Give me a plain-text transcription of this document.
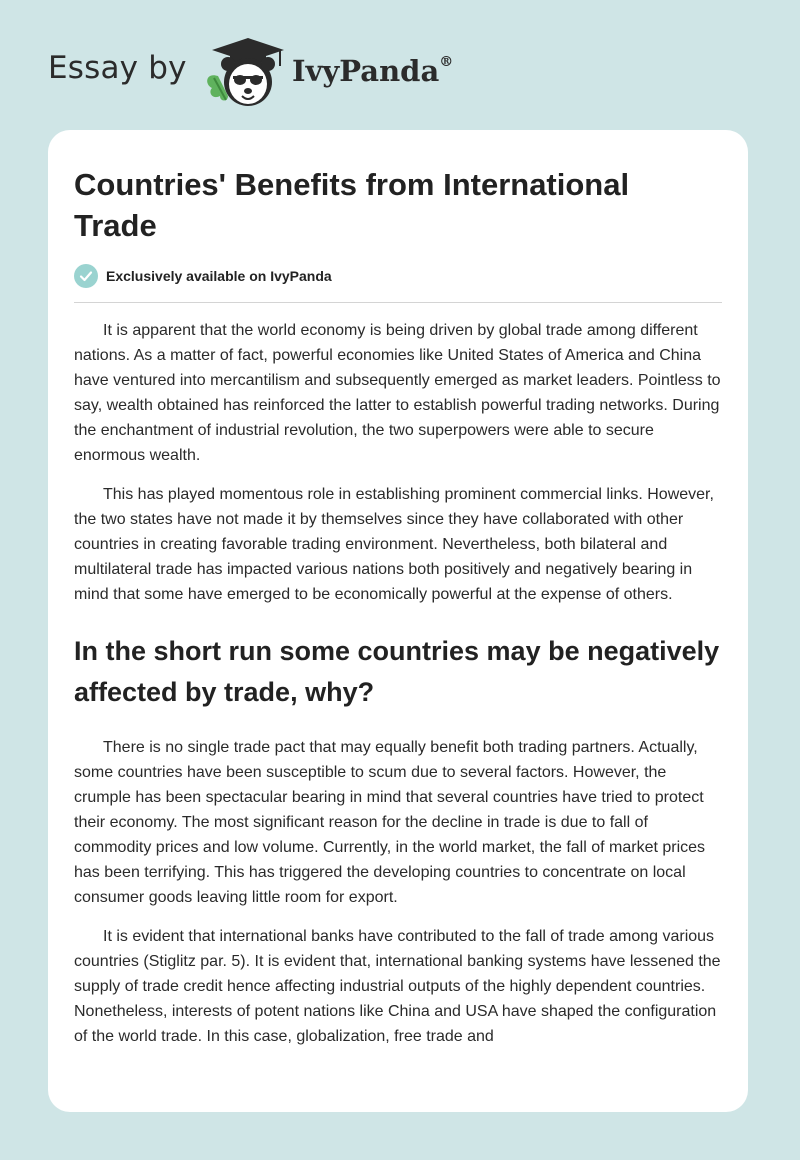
Essay by	IvyPanda®
Countries' Benefits from International Trade
Exclusively available on IvyPanda

It is apparent that the world economy is being driven by global trade among different nations. As a matter of fact, powerful economies like United States of America and China have ventured into mercantilism and subsequently emerged as market leaders. Pointless to say, wealth obtained has reinforced the latter to establish powerful trading networks. During the enchantment of industrial revolution, the two superpowers were able to secure enormous wealth.

This has played momentous role in establishing prominent commercial links. However, the two states have not made it by themselves since they have collaborated with other countries in creating favorable trading environment. Nevertheless, both bilateral and multilateral trade has impacted various nations both positively and negatively bearing in mind that some have emerged to be economically powerful at the expense of others.

In the short run some countries may be negatively affected by trade, why?

There is no single trade pact that may equally benefit both trading partners. Actually, some countries have been susceptible to scum due to several factors. However, the crumple has been spectacular bearing in mind that several countries have tried to protect their economy. The most significant reason for the decline in trade is due to fall of commodity prices and low volume. Currently, in the world market, the fall of market prices has been terrifying. This has triggered the developing countries to concentrate on local consumer goods leaving little room for export.

It is evident that international banks have contributed to the fall of trade among various countries (Stiglitz par. 5). It is evident that, international banking systems have lessened the supply of trade credit hence affecting industrial outputs of the highly dependent countries. Nonetheless, interests of potent nations like China and USA have shaped the configuration of the world trade. In this case, globalization, free trade and
